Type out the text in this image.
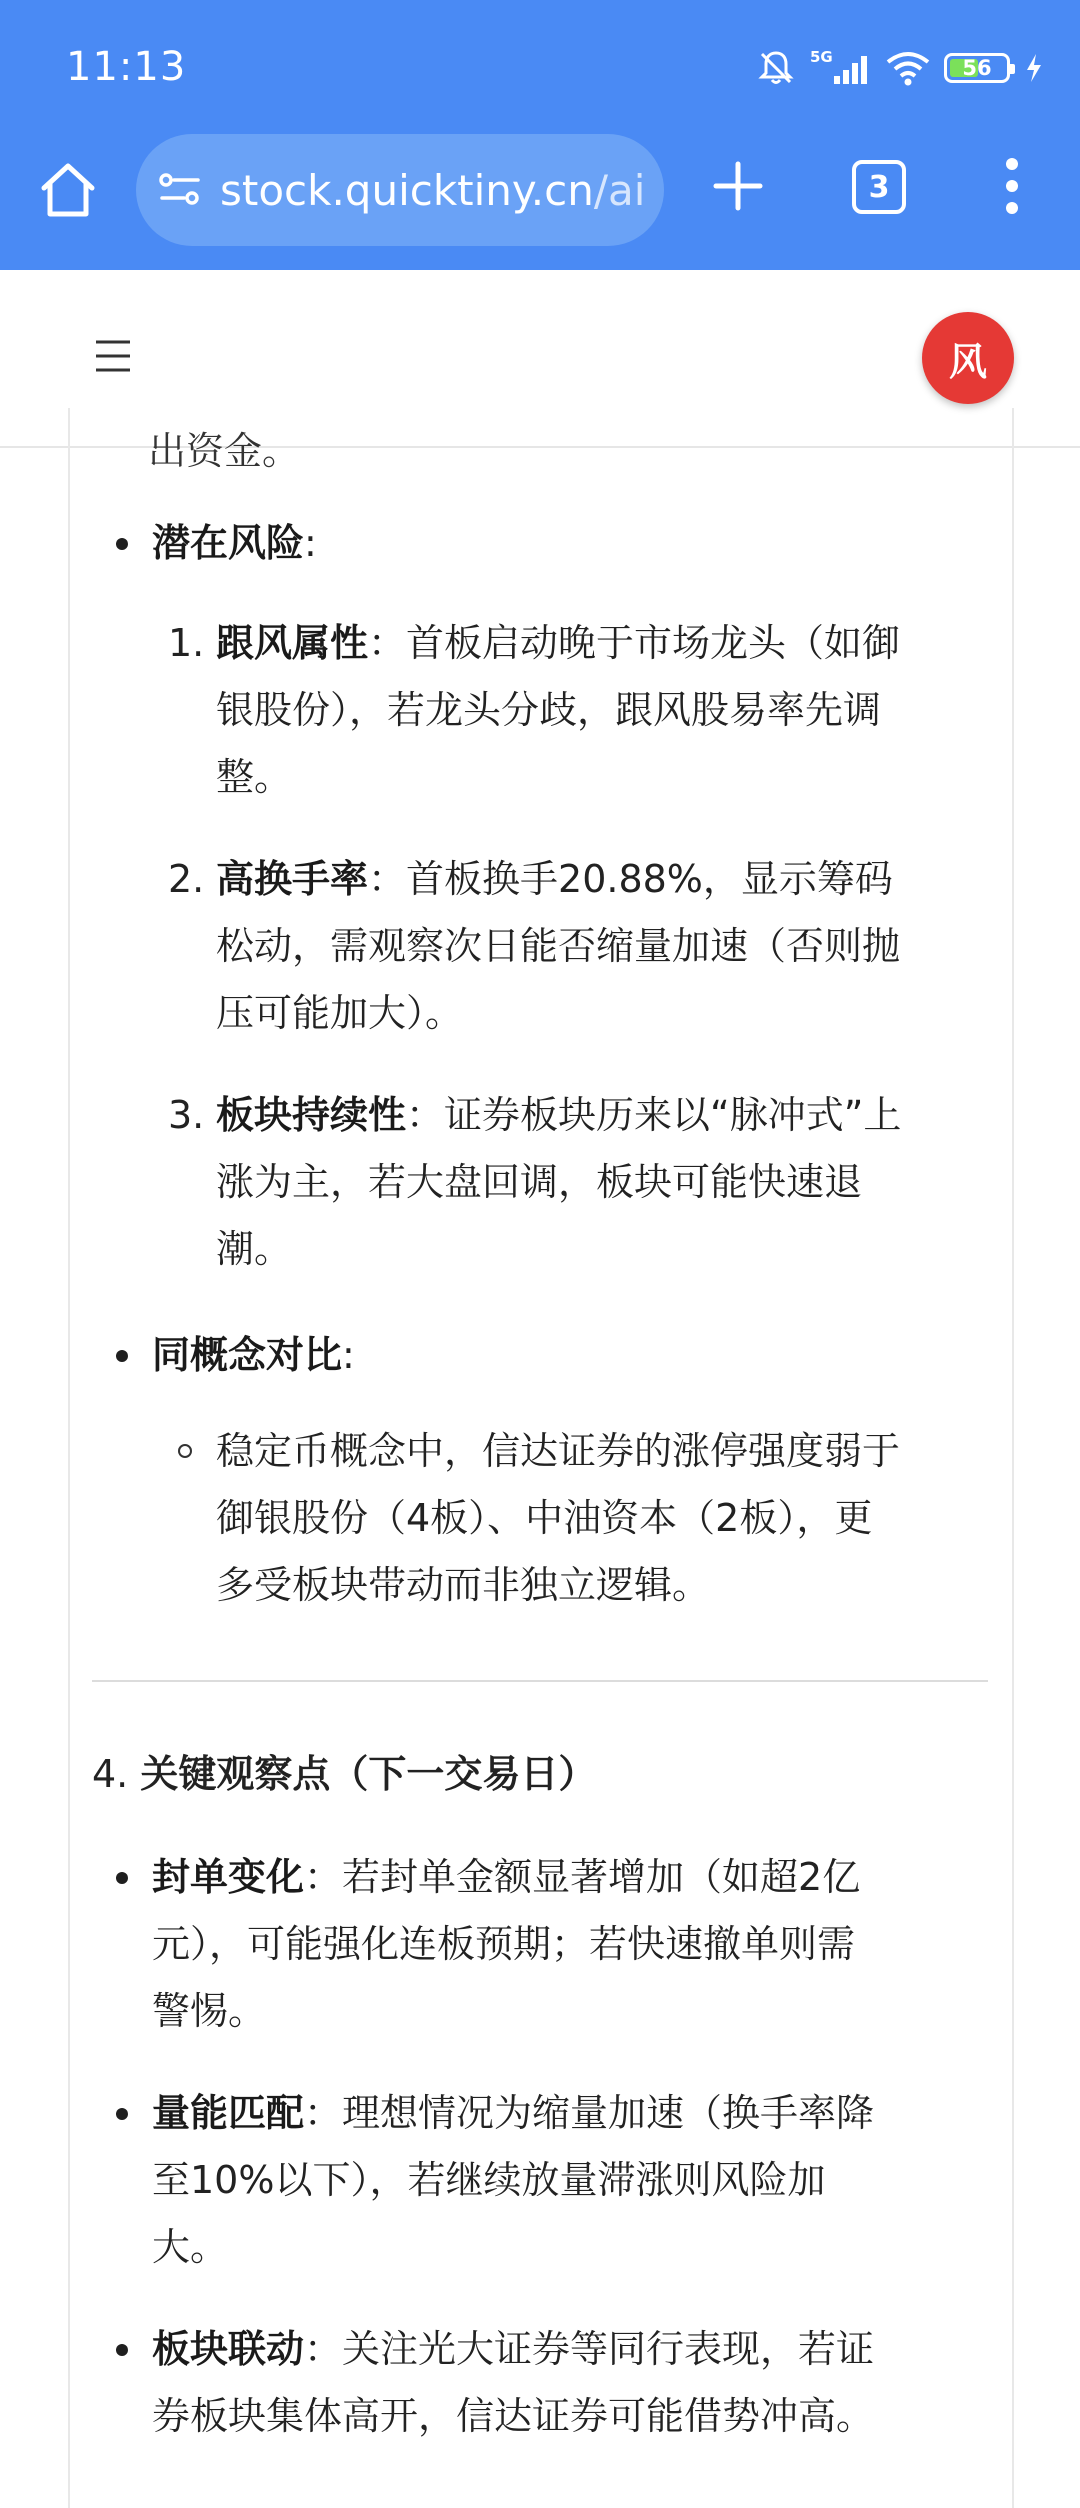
11:13	5G	56
stock.quicktiny.cn/ai	3
风
出资金。
潜在风险:
1. 跟风属性：首板启动晚于市场龙头（如御
银股份），若龙头分歧，跟风股易率先调
整。
2. 高换手率：首板换手20.88%，显示筹码
松动，需观察次日能否缩量加速（否则抛
压可能加大）。
3. 板块持续性：证券板块历来以“脉冲式”上
涨为主，若大盘回调，板块可能快速退
潮。
同概念对比:
稳定币概念中，信达证券的涨停强度弱于
御银股份（4板）、中油资本（2板），更
多受板块带动而非独立逻辑。
4. 关键观察点（下一交易日）
封单变化：若封单金额显著增加（如超2亿
元），可能强化连板预期；若快速撤单则需
警惕。
量能匹配：理想情况为缩量加速（换手率降
至10%以下），若继续放量滞涨则风险加
大。
板块联动：关注光大证券等同行表现，若证
券板块集体高开，信达证券可能借势冲高。
